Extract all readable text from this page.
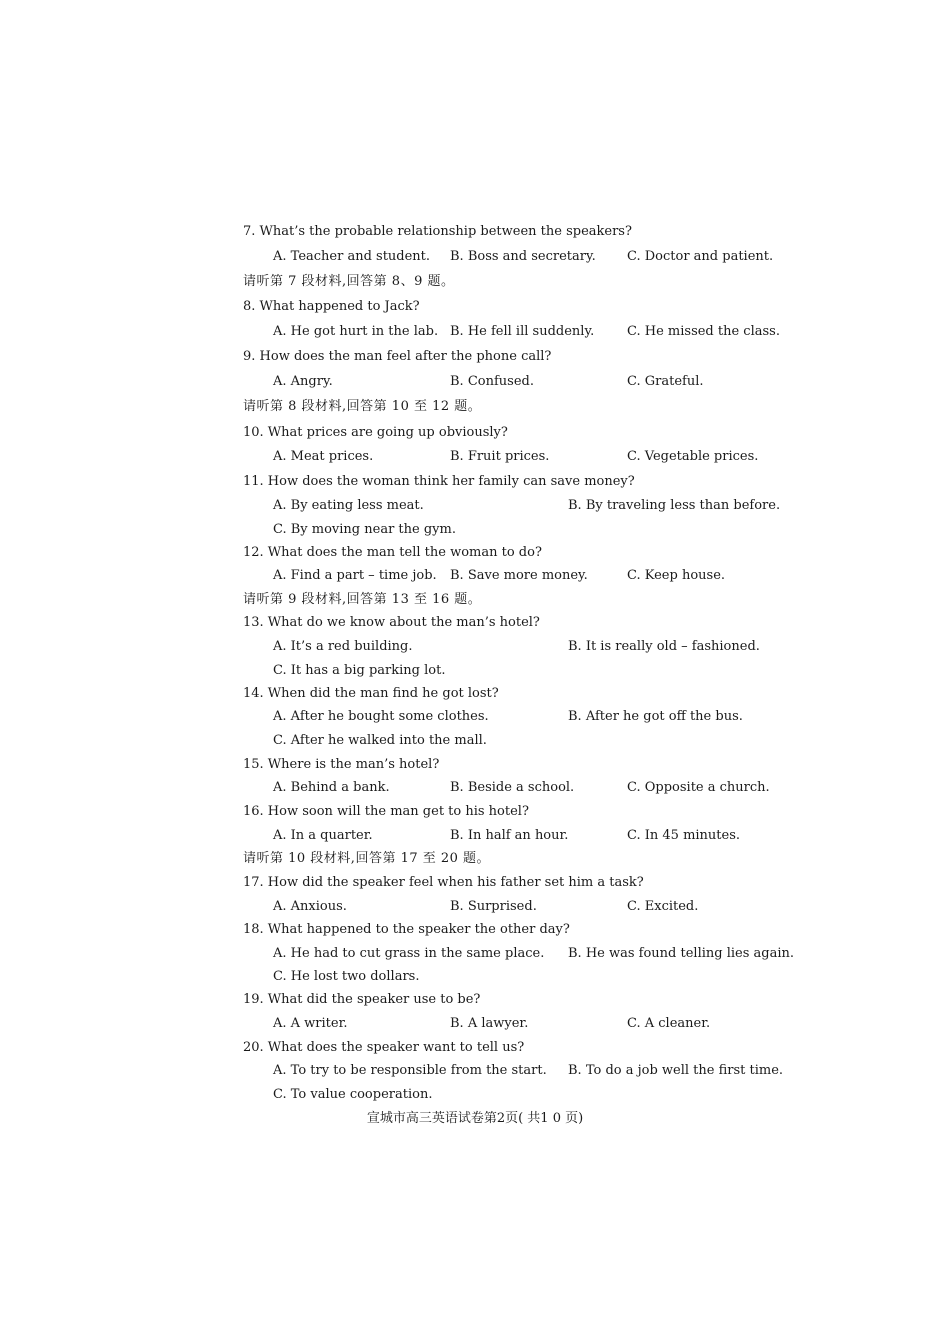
7. What’s the probable relationship between the speakers?
A. Teacher and student. B. Boss and secretary. C. Doctor and patient.
请听第 7 段材料,回答第 8、9 题。
8. What happened to Jack?
A. He got hurt in the lab. B. He fell ill suddenly.	C. He missed the class.
9. How does the man feel after the phone call?
A. Angry.	B. Confused.	C. Grateful.
请听第 8 段材料,回答第 10 至 12 题。
10. What prices are going up obviously?
A. Meat prices.	B. Fruit prices.	C. Vegetable prices.
11. How does the woman think her family can save money?
A. By eating less meat.	B. By traveling less than before.
C. By moving near the gym.
12. What does the man tell the woman to do?
A. Find a part – time job. B. Save more money.	C. Keep house.
请听第 9 段材料,回答第 13 至 16 题。
13. What do we know about the man’s hotel?
A. It’s a red building.	B. It is really old – fashioned.
C. It has a big parking lot.
14. When did the man find he got lost?
A. After he bought some clothes.	B. After he got off the bus.
C. After he walked into the mall.
15. Where is the man’s hotel?
A. Behind a bank.	B. Beside a school.	C. Opposite a church.
16. How soon will the man get to his hotel?
A. In a quarter.	B. In half an hour.	C. In 45 minutes.
请听第 10 段材料,回答第 17 至 20 题。
17. How did the speaker feel when his father set him a task?
A. Anxious.	B. Surprised.	C. Excited.
18. What happened to the speaker the other day?
A. He had to cut grass in the same place. B. He was found telling lies again.
C. He lost two dollars.
19. What did the speaker use to be?
A. A writer.	B. A lawyer.	C. A cleaner.
20. What does the speaker want to tell us?
A. To try to be responsible from the start. B. To do a job well the first time.
C. To value cooperation.
宣城市高三英语试卷第2页( 共1 0 页)
